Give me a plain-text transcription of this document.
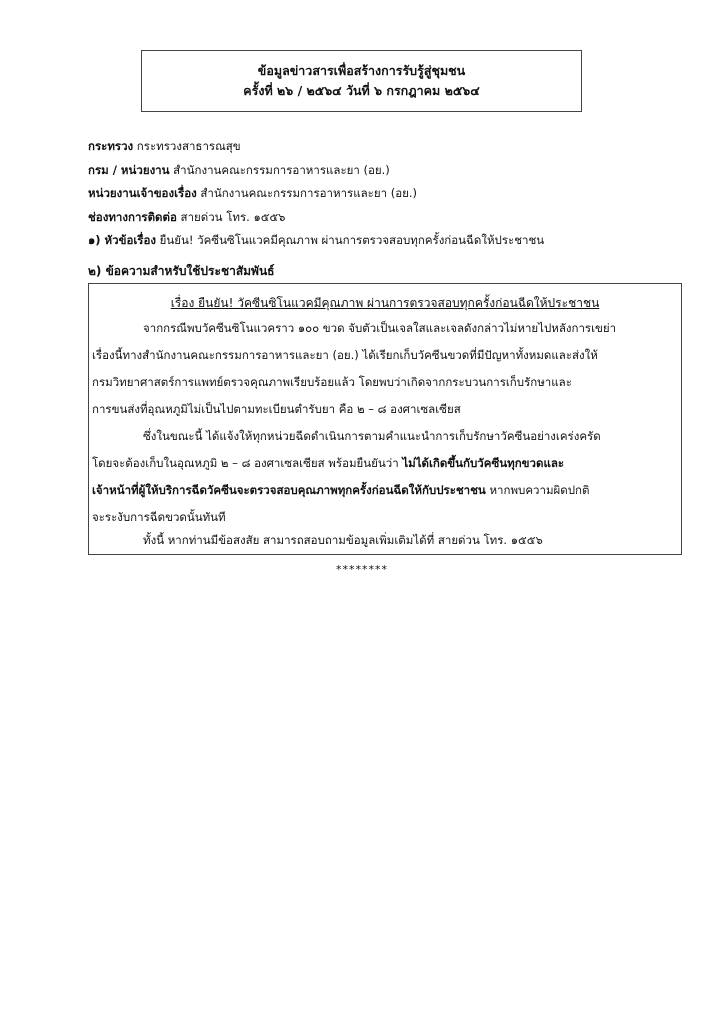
ข้อมูลข่าวสารเพื่อสร้างการรับรู้สู่ชุมชน
ครั้งที่ ๒๖ / ๒๕๖๔ วันที่ ๖ กรกฎาคม ๒๕๖๔
กระทรวง กระทรวงสาธารณสุข
กรม / หน่วยงาน สำนักงานคณะกรรมการอาหารและยา (อย.)
หน่วยงานเจ้าของเรื่อง สำนักงานคณะกรรมการอาหารและยา (อย.)
ช่องทางการติดต่อ สายด่วน โทร. ๑๕๕๖
๑) หัวข้อเรื่อง ยืนยัน! วัคซีนซิโนแวคมีคุณภาพ ผ่านการตรวจสอบทุกครั้งก่อนฉีดให้ประชาชน
๒) ข้อความสำหรับใช้ประชาสัมพันธ์
เรื่อง ยืนยัน! วัคซีนซิโนแวคมีคุณภาพ ผ่านการตรวจสอบทุกครั้งก่อนฉีดให้ประชาชน
จากกรณีพบวัคซีนซิโนแวคราว ๑๐๐ ขวด จับตัวเป็นเจลใสและเจลดังกล่าวไม่หายไปหลังการเขย่า
เรื่องนี้ทางสำนักงานคณะกรรมการอาหารและยา (อย.) ได้เรียกเก็บวัคซีนขวดที่มีปัญหาทั้งหมดและส่งให้
กรมวิทยาศาสตร์การแพทย์ตรวจคุณภาพเรียบร้อยแล้ว โดยพบว่าเกิดจากกระบวนการเก็บรักษาและ
การขนส่งที่อุณหภูมิไม่เป็นไปตามทะเบียนตำรับยา คือ ๒ – ๘ องศาเซลเซียส
ซึ่งในขณะนี้ ได้แจ้งให้ทุกหน่วยฉีดดำเนินการตามคำแนะนำการเก็บรักษาวัคซีนอย่างเคร่งครัด
โดยจะต้องเก็บในอุณหภูมิ ๒ – ๘ องศาเซลเซียส พร้อมยืนยันว่า ไม่ได้เกิดขึ้นกับวัคซีนทุกขวดและ
เจ้าหน้าที่ผู้ให้บริการฉีดวัคซีนจะตรวจสอบคุณภาพทุกครั้งก่อนฉีดให้กับประชาชน หากพบความผิดปกติ
จะระงับการฉีดขวดนั้นทันที
ทั้งนี้ หากท่านมีข้อสงสัย สามารถสอบถามข้อมูลเพิ่มเติมได้ที่ สายด่วน โทร. ๑๕๕๖
********
